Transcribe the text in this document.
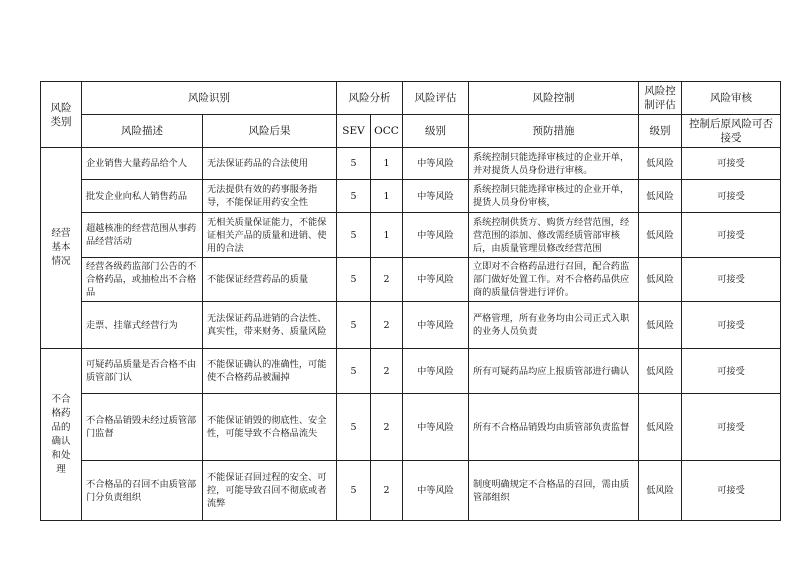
风险
类别	风险识别		风险分析		风险评估	风险控制	风险控制评估	风险审核
	风险描述	风险后果	SEV	OCC	级别	预防措施	级别	控制后原风险可否接受
经营基本情况	企业销售大量药品给个人	无法保证药品的合法使用	5	1	中等风险	系统控制只能选择审核过的企业开单，并对提货人员身份进行审核。	低风险	可接受
	批发企业向私人销售药品	无法提供有效的药事服务指导，不能保证用药安全性	5	1	中等风险	系统控制只能选择审核过的企业开单，提货人员身份审核，	低风险	可接受
	超越核准的经营范围从事药品经营活动	无相关质量保证能力，不能保证相关产品的质量和进销、使用的合法	5	1	中等风险	系统控制供货方、购货方经营范围，经营范围的添加、修改需经质管部审核后，由质量管理员修改经营范围	低风险	可接受
	经营各级药监部门公告的不合格药品，或抽检出不合格品	不能保证经营药品的质量	5	2	中等风险	立即对不合格药品进行召回，配合药监部门做好处置工作。对不合格药品供应商的质量信誉进行评价。	低风险	可接受
	走票、挂靠式经营行为	无法保证药品进销的合法性、真实性，带来财务、质量风险	5	2	中等风险	严格管理，所有业务均由公司正式入职的业务人员负责	低风险	可接受
不合格药品的确认和处理	可疑药品质量是否合格不由质管部门认	不能保证确认的准确性，可能使不合格药品被漏掉	5	2	中等风险	所有可疑药品均应上报质管部进行确认	低风险	可接受
	不合格品销毁未经过质管部门监督	不能保证销毁的彻底性、安全性，可能导致不合格品流失	5	2	中等风险	所有不合格品销毁均由质管部负责监督	低风险	可接受
	不合格品的召回不由质管部门分负责组织	不能保证召回过程的安全、可控，可能导致召回不彻底或者流弊	5	2	中等风险	制度明确规定不合格品的召回，需由质管部组织	低风险	可接受
